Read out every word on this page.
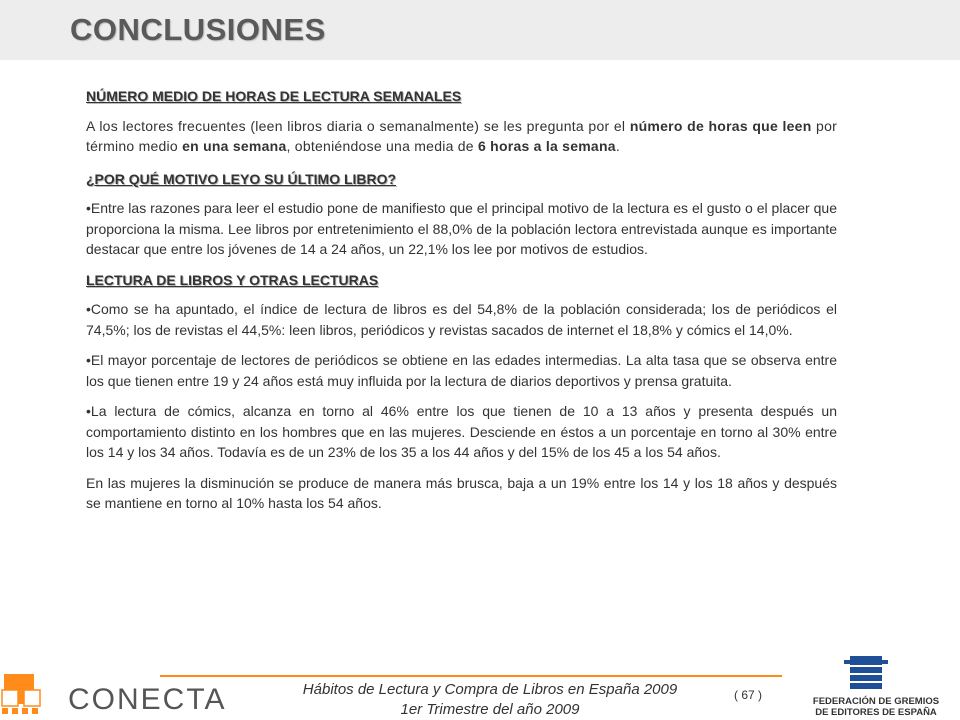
CONCLUSIONES
NÚMERO MEDIO DE HORAS DE LECTURA SEMANALES

A los lectores frecuentes (leen libros diaria o semanalmente) se les pregunta por el número de horas que leen por término medio en una semana, obteniéndose una media de 6 horas a la semana.

¿POR QUÉ MOTIVO LEYO SU ÚLTIMO LIBRO?

•Entre las razones para leer el estudio pone de manifiesto que el principal motivo de la lectura es el gusto o el placer que proporciona la misma. Lee libros por entretenimiento el 88,0% de la población lectora entrevistada aunque es importante destacar que entre los jóvenes de 14 a 24 años, un 22,1% los lee por motivos de estudios.

LECTURA DE LIBROS Y OTRAS LECTURAS

•Como se ha apuntado, el índice de lectura de libros es del 54,8% de la población considerada; los de periódicos el 74,5%; los de revistas el 44,5%: leen libros, periódicos y revistas sacados de internet el 18,8% y cómics el 14,0%.

•El mayor porcentaje de lectores de periódicos se obtiene en las edades intermedias. La alta tasa que se observa entre los que tienen entre 19 y 24 años está muy influida por la lectura de diarios deportivos y prensa gratuita.

•La lectura de cómics, alcanza en torno al 46% entre los que tienen de 10 a 13 años y presenta después un comportamiento distinto en los hombres que en las mujeres. Desciende en éstos a un porcentaje en torno al 30% entre los 14 y los 34 años. Todavía es de un 23% de los 35 a los 44 años y del 15% de los 45 a los 54 años.

En las mujeres la disminución se produce de manera más brusca, baja a un 19% entre los 14 y los 18 años y después se mantiene en torno al 10% hasta los 54 años.

CONECTA	Hábitos de Lectura y Compra de Libros en España 2009
1er Trimestre del año 2009
( 67 )	FEDERACIÓN DE GREMIOS
DE EDITORES DE ESPAÑA
